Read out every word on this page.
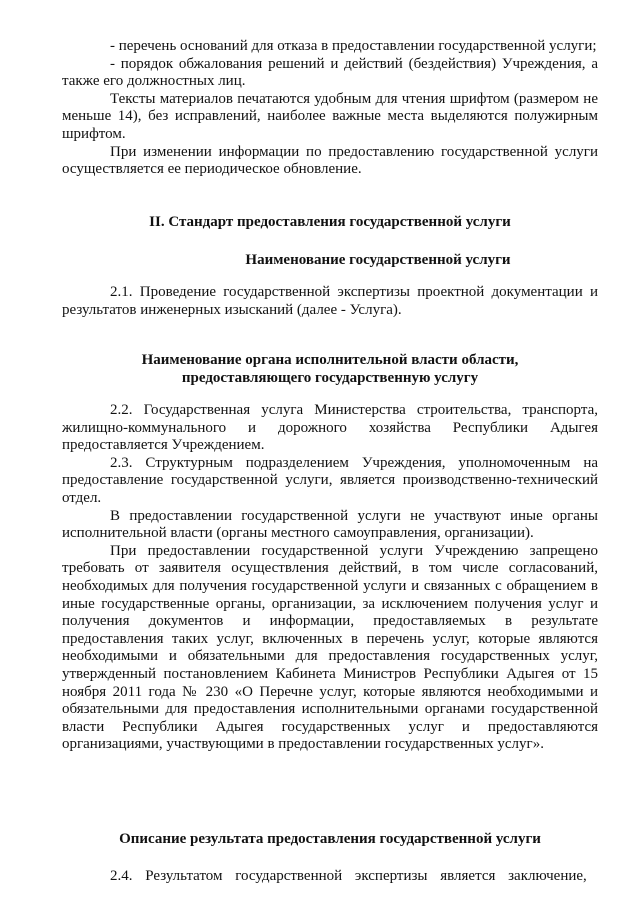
- перечень оснований для отказа в предоставлении государственной услуги;

- порядок обжалования решений и действий (бездействия) Учреждения, а также его должностных лиц.

Тексты материалов печатаются удобным для чтения шрифтом (размером не меньше 14), без исправлений, наиболее важные места выделяются полужирным шрифтом.

При изменении информации по предоставлению государственной услуги осуществляется ее периодическое обновление.

II. Стандарт предоставления государственной услуги
Наименование государственной услуги

2.1. Проведение государственной экспертизы проектной документации и результатов инженерных изысканий (далее - Услуга).

Наименование органа исполнительной власти области,
предоставляющего государственную услугу

2.2. Государственная услуга Министерства строительства, транспорта, жилищно-коммунального и дорожного хозяйства Республики Адыгея предоставляется Учреждением.

2.3. Структурным подразделением Учреждения, уполномоченным на предоставление государственной услуги, является производственно-технический отдел.

В предоставлении государственной услуги не участвуют иные органы исполнительной власти (органы местного самоуправления, организации).

При предоставлении государственной услуги Учреждению запрещено требовать от заявителя осуществления действий, в том числе согласований, необходимых для получения государственной услуги и связанных с обращением в иные государственные органы, организации, за исключением получения услуг и получения документов и информации, предоставляемых в результате предоставления таких услуг, включенных в перечень услуг, которые являются необходимыми и обязательными для предоставления государственных услуг, утвержденный постановлением Кабинета Министров Республики Адыгея от 15 ноября 2011 года № 230 «О Перечне услуг, которые являются необходимыми и обязательными для предоставления исполнительными органами государственной власти Республики Адыгея государственных услуг и предоставляются организациями, участвующими в предоставлении государственных услуг».

Описание результата предоставления государственной услуги

2.4. Результатом государственной экспертизы является заключение,
